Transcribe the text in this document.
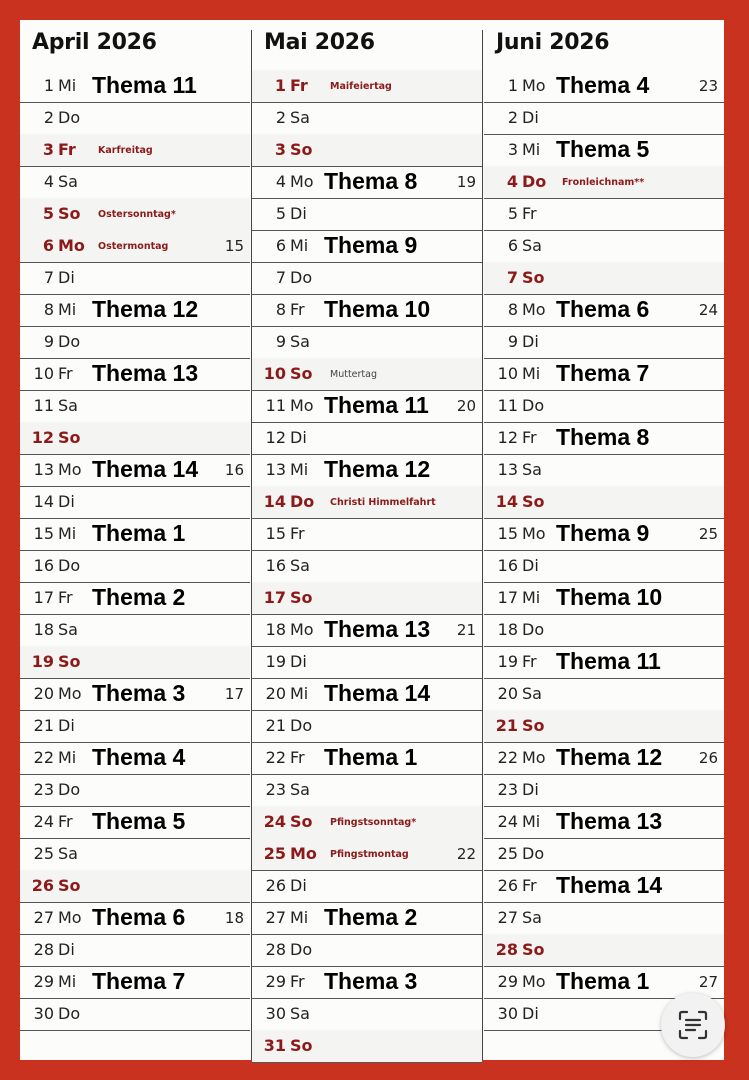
April 2026
1 Mi Thema 11
2 Do
3 Fr Karfreitag
4 Sa
5 So Ostersonntag*
6 Mo Ostermontag	15
7 Di
8 Mi Thema 12
9 Do
10 Fr Thema 13
11 Sa
12 So
13 Mo Thema 14 16
14 Di
15 Mi Thema 1
16 Do
17 Fr Thema 2
18 Sa
19 So
20 Mo Thema 3	17
21 Di
22 Mi Thema 4
23 Do
24 Fr Thema 5
25 Sa
26 So
27 Mo Thema 6	18
28 Di
29 Mi Thema 7
30 Do
Mai 2026
1 Fr Maifeiertag
2 Sa
3 So
4 Mo Thema 8	19
5 Di
6 Mi Thema 9
7 Do
8 Fr Thema 10
9 Sa
10 So Muttertag
11 Mo Thema 11 20
12 Di
13 Mi Thema 12
14 Do Christi Himmelfahrt
15 Fr
16 Sa
17 So
18 Mo Thema 13 21
19 Di
20 Mi Thema 14
21 Do
22 Fr Thema 1
23 Sa
24 So Pfingstsonntag*
25 Mo Pfingstmontag	22
26 Di
27 Mi Thema 2
28 Do
29 Fr Thema 3
30 Sa
31 So
Juni 2026
1 Mo Thema 4	23
2 Di
3 Mi Thema 5
4 Do Fronleichnam**
5 Fr
6 Sa
7 So
8 Mo Thema 6	24
9 Di
10 Mi Thema 7
11 Do
12 Fr Thema 8
13 Sa
14 So
15 Mo Thema 9	25
16 Di
17 Mi Thema 10
18 Do
19 Fr Thema 11
20 Sa
21 So
22 Mo Thema 12 26
23 Di
24 Mi Thema 13
25 Do
26 Fr Thema 14
27 Sa
28 So
29 Mo Thema 1	27
30 Di
